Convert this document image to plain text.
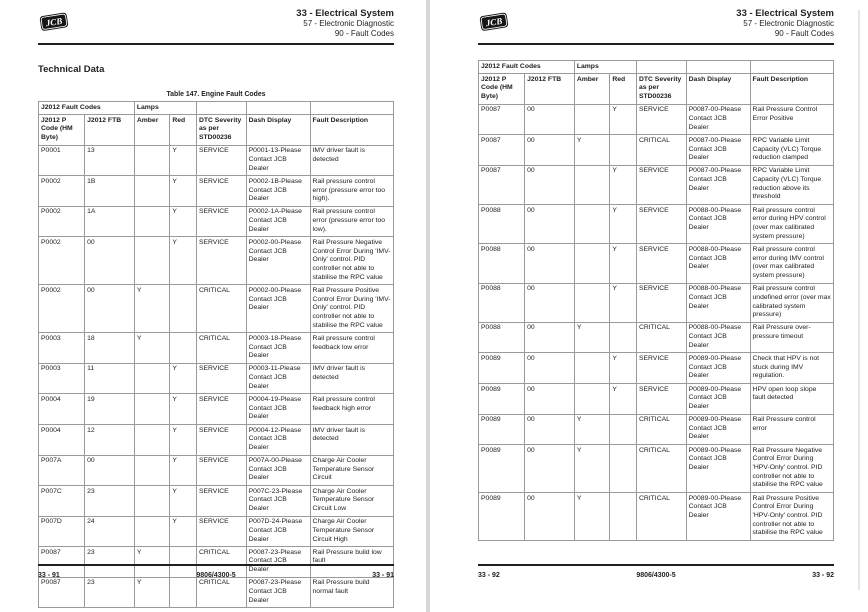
JCB
33 - Electrical System
57 - Electronic Diagnostic
90 - Fault Codes
Technical Data
Table 147. Engine Fault Codes
J2012 Fault Codes		Lamps				
J2012 P Code (HM Byte)	J2012 FTB	Amber	Red	DTC Severity as per STD00236	Dash Display	Fault Description
P0001	13		Y	SERVICE	P0001-13-Please Contact JCB Dealer	IMV driver fault is detected
P0002	1B		Y	SERVICE	P0002-1B-Please Contact JCB Dealer	Rail pressure control error (pressure error too high).
P0002	1A		Y	SERVICE	P0002-1A-Please Contact JCB Dealer	Rail pressure control error (pressure error too low).
P0002	00		Y	SERVICE	P0002-00-Please Contact JCB Dealer	Rail Pressure Negative Control Error During 'IMV-Only' control. PID controller not able to stabilise the RPC value
P0002	00	Y		CRITICAL	P0002-00-Please Contact JCB Dealer	Rail Pressure Positive Control Error During 'IMV-Only' control. PID controller not able to stabilise the RPC value
P0003	18	Y		CRITICAL	P0003-18-Please Contact JCB Dealer	Rail pressure control feedback low error
P0003	11		Y	SERVICE	P0003-11-Please Contact JCB Dealer	IMV driver fault is detected
P0004	19		Y	SERVICE	P0004-19-Please Contact JCB Dealer	Rail pressure control feedback high error
P0004	12		Y	SERVICE	P0004-12-Please Contact JCB Dealer	IMV driver fault is detected
P007A	00		Y	SERVICE	P007A-00-Please Contact JCB Dealer	Charge Air Cooler Temperature Sensor Circuit
P007C	23		Y	SERVICE	P007C-23-Please Contact JCB Dealer	Charge Air Cooler Temperature Sensor Circuit Low
P007D	24		Y	SERVICE	P007D-24-Please Contact JCB Dealer	Charge Air Cooler Temperature Sensor Circuit High
P0087	23	Y		CRITICAL	P0087-23-Please Contact JCB Dealer	Rail Pressure build low fault
P0087	23	Y		CRITICAL	P0087-23-Please Contact JCB Dealer	Rail Pressure build normal fault
33 - 91	9806/4300-5	33 - 91
JCB
33 - Electrical System
57 - Electronic Diagnostic
90 - Fault Codes
J2012 Fault Codes		Lamps				
J2012 P Code (HM Byte)	J2012 FTB	Amber	Red	DTC Severity as per STD00236	Dash Display	Fault Description
P0087	00		Y	SERVICE	P0087-00-Please Contact JCB Dealer	Rail Pressure Control Error Positive
P0087	00	Y		CRITICAL	P0087-00-Please Contact JCB Dealer	RPC Variable Limit Capacity (VLC) Torque reduction clamped
P0087	00		Y	SERVICE	P0087-00-Please Contact JCB Dealer	RPC Variable Limit Capacity (VLC) Torque reduction above its threshold
P0088	00		Y	SERVICE	P0088-00-Please Contact JCB Dealer	Rail pressure control error during HPV control (over max calibrated system pressure)
P0088	00		Y	SERVICE	P0088-00-Please Contact JCB Dealer	Rail pressure control error during IMV control (over max calibrated system pressure)
P0088	00		Y	SERVICE	P0088-00-Please Contact JCB Dealer	Rail pressure control undefined error (over max calibrated system pressure)
P0088	00	Y		CRITICAL	P0088-00-Please Contact JCB Dealer	Rail Pressure over-pressure timeout
P0089	00		Y	SERVICE	P0089-00-Please Contact JCB Dealer	Check that HPV is not stuck during IMV regulation.
P0089	00		Y	SERVICE	P0089-00-Please Contact JCB Dealer	HPV open loop slope fault detected
P0089	00	Y		CRITICAL	P0089-00-Please Contact JCB Dealer	Rail Pressure control error
P0089	00	Y		CRITICAL	P0089-00-Please Contact JCB Dealer	Rail Pressure Negative Control Error During 'HPV-Only' control. PID controller not able to stabilise the RPC value
P0089	00	Y		CRITICAL	P0089-00-Please Contact JCB Dealer	Rail Pressure Positive Control Error During 'HPV-Only' control. PID controller not able to stabilise the RPC value
33 - 92	9806/4300-5	33 - 92
